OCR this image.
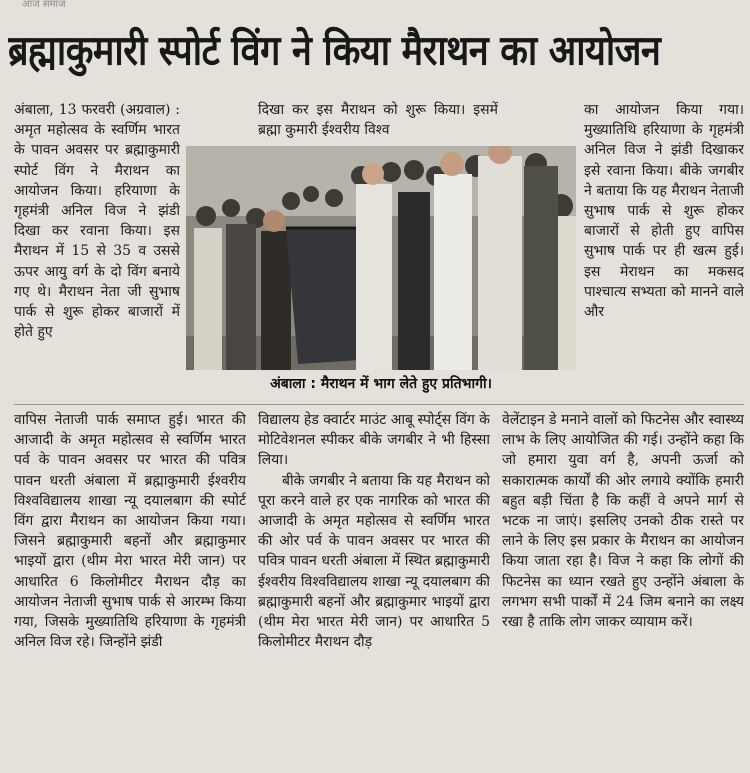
आज समाज
ब्रह्माकुमारी स्पोर्ट विंग ने किया मैराथन का आयोजन

अंबाला, 13 फरवरी (अग्रवाल) : अमृत महोत्सव के स्वर्णिम भारत के पावन अवसर पर ब्रह्माकुमारी स्पोर्ट विंग ने मैराथन का आयोजन किया। हरियाणा के गृहमंत्री अनिल विज ने झंडी दिखा कर रवाना किया। इस मैराथन में 15 से 35 व उससे ऊपर आयु वर्ग के दो विंग बनाये गए थे। मैराथन नेता जी सुभाष पार्क से शुरू होकर बाजारों में होते हुए

दिखा कर इस मैराथन को शुरू किया। इसमें ब्रह्मा कुमारी ईश्वरीय विश्व

का आयोजन किया गया। मुख्यातिथि हरियाणा के गृहमंत्री अनिल विज ने झंडी दिखाकर इसे रवाना किया। बीके जगबीर ने बताया कि यह मैराथन नेताजी सुभाष पार्क से शुरू होकर बाजारों से होती हुए वापिस सुभाष पार्क पर ही खत्म हुई। इस मेराथन का मकसद पाश्चात्य सभ्यता को मानने वाले और

अंबाला : मैराथन में भाग लेते हुए प्रतिभागी।

वापिस नेताजी पार्क समाप्त हुई। भारत की आजादी के अमृत महोत्सव से स्वर्णिम भारत पर्व के पावन अवसर पर भारत की पवित्र पावन धरती अंबाला में ब्रह्माकुमारी ईश्वरीय विश्वविद्यालय शाखा न्यू दयालबाग की स्पोर्ट विंग द्वारा मैराथन का आयोजन किया गया। जिसने ब्रह्माकुमारी बहनों और ब्रह्माकुमार भाइयों द्वारा (थीम मेरा भारत मेरी जान) पर आधारित 6 किलोमीटर मैराथन दौड़ का आयोजन नेताजी सुभाष पार्क से आरम्भ किया गया, जिसके मुख्यातिथि हरियाणा के गृहमंत्री अनिल विज रहे। जिन्होंने झंडी

विद्यालय हेड क्वार्टर माउंट आबू स्पोर्ट्स विंग के मोटिवेशनल स्पीकर बीके जगबीर ने भी हिस्सा लिया।

बीके जगबीर ने बताया कि यह मैराथन को पूरा करने वाले हर एक नागरिक को भारत की आजादी के अमृत महोत्सव से स्वर्णिम भारत की ओर पर्व के पावन अवसर पर भारत की पवित्र पावन धरती अंबाला में स्थित ब्रह्माकुमारी ईश्वरीय विश्वविद्यालय शाखा न्यू दयालबाग की ब्रह्माकुमारी बहनों और ब्रह्माकुमार भाइयों द्वारा (थीम मेरा भारत मेरी जान) पर आधारित 5 किलोमीटर मैराथन दौड़

वेलेंटाइन डे मनाने वालों को फिटनेस और स्वास्थ्य लाभ के लिए आयोजित की गई। उन्होंने कहा कि जो हमारा युवा वर्ग है, अपनी ऊर्जा को सकारात्मक कार्यों की ओर लगाये क्योंकि हमारी बहुत बड़ी चिंता है कि कहीं वे अपने मार्ग से भटक ना जाएं। इसलिए उनको ठीक रास्ते पर लाने के लिए इस प्रकार के मैराथन का आयोजन किया जाता रहा है। विज ने कहा कि लोगों की फिटनेस का ध्यान रखते हुए उन्होंने अंबाला के लगभग सभी पार्कों में 24 जिम बनाने का लक्ष्य रखा है ताकि लोग जाकर व्यायाम करें।
